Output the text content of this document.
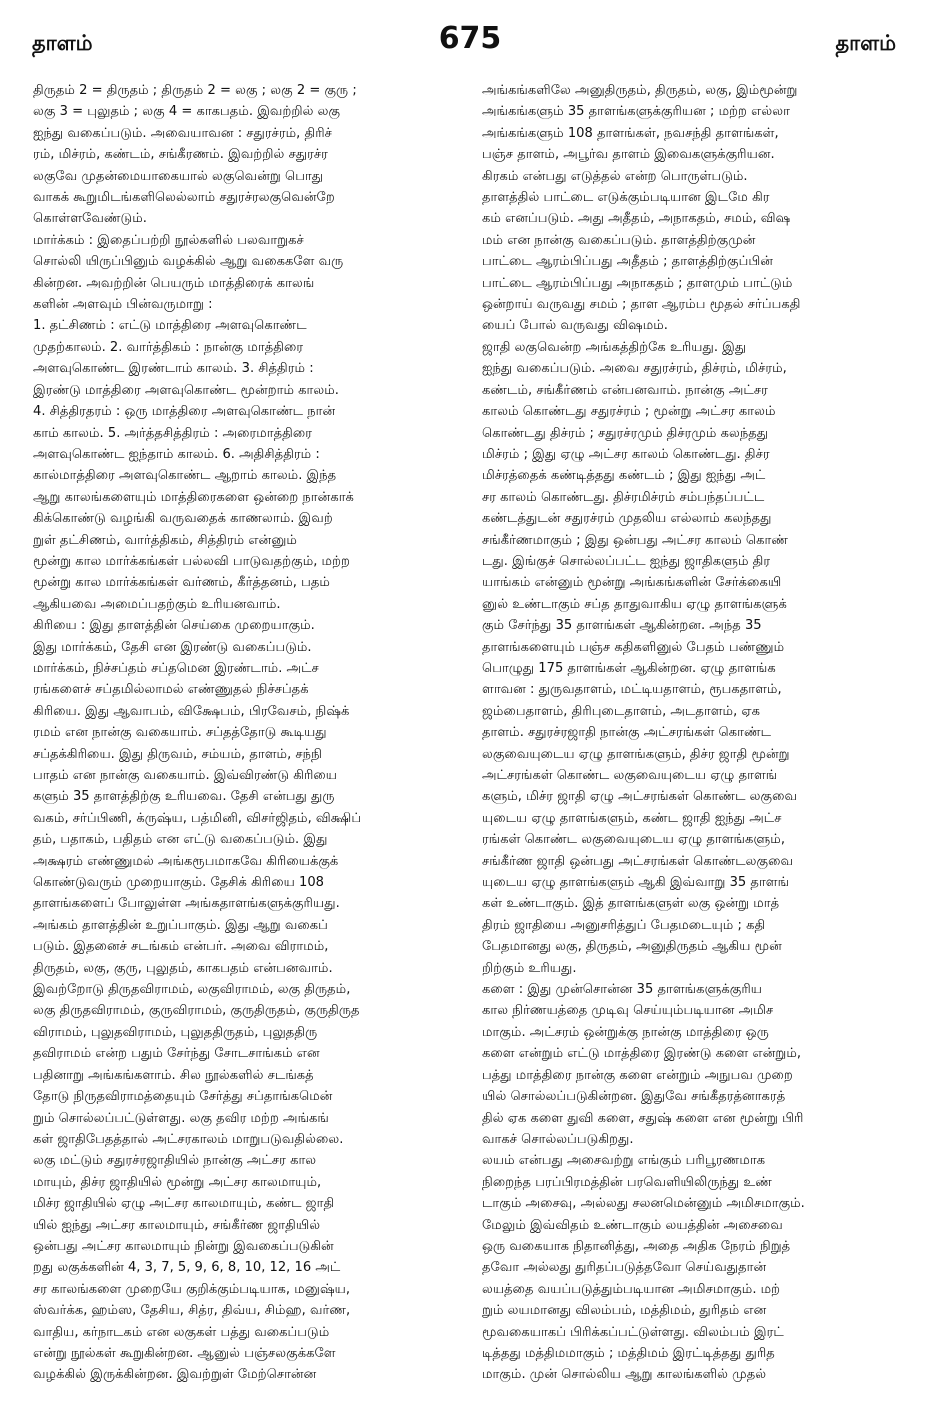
தாளம்	675	தாளம்
திருதம் 2 = திருதம் ; திருதம் 2 = லகு ; லகு 2 = குரு ;
லகு 3 = புலுதம் ; லகு 4 = காகபதம். இவற்றில் லகு
ஐந்து வகைப்படும். அவையாவன : சதுரச்ரம், திரிச்
ரம், மிச்ரம், கண்டம், சங்கீரணம். இவற்றில் சதுரச்ர
லகுவே முதன்மையாகையால் லகுவென்று பொது
வாகக் கூறுமிடங்களிலெல்லாம் சதுரச்ரலகுவென்றே
கொள்ளவேண்டும்.
மார்க்கம் : இதைப்பற்றி நூல்களில் பலவாறுகச்
சொல்லி யிருப்பினும் வழக்கில் ஆறு வகைகளே வரு
கின்றன. அவற்றின் பெயரும் மாத்திரைக் காலங்
களின் அளவும் பின்வருமாறு :
1. தட்சிணம் : எட்டு மாத்திரை அளவுகொண்ட
முதற்காலம். 2. வார்த்திகம் : நான்கு மாத்திரை
அளவுகொண்ட இரண்டாம் காலம். 3. சித்திரம் :
இரண்டு மாத்திரை அளவுகொண்ட மூன்றாம் காலம்.
4. சித்திரதரம் : ஒரு மாத்திரை அளவுகொண்ட நான்
காம் காலம். 5. அர்த்தசித்திரம் : அரைமாத்திரை
அளவுகொண்ட ஐந்தாம் காலம். 6. அதிசித்திரம் :
கால்மாத்திரை அளவுகொண்ட ஆறாம் காலம். இந்த
ஆறு காலங்களையும் மாத்திரைகளை ஒன்றை நான்காக்
கிக்கொண்டு வழங்கி வருவதைக் காணலாம். இவற்
றுள் தட்சிணம், வார்த்திகம், சித்திரம் என்னும்
மூன்று கால மார்க்கங்கள் பல்லவி பாடுவதற்கும், மற்ற
மூன்று கால மார்க்கங்கள் வர்ணம், கீர்த்தனம், பதம்
ஆகியவை அமைப்பதற்கும் உரியனவாம்.
கிரியை : இது தாளத்தின் செய்கை முறையாகும்.
இது மார்க்கம், தேசி என இரண்டு வகைப்படும்.
மார்க்கம், நிச்சப்தம் சப்தமென இரண்டாம். அட்ச
ரங்களைச் சப்தமில்லாமல் எண்ணுதல் நிச்சப்தக்
கிரியை. இது ஆவாபம், விக்ஷேபம், பிரவேசம், நிஷ்க்
ரமம் என நான்கு வகையாம். சப்தத்தோடு கூடியது
சப்தக்கிரியை. இது திருவம், சம்யம், தாளம், சந்நி
பாதம் என நான்கு வகையாம். இவ்விரண்டு கிரியை
களும் 35 தாளத்திற்கு உரியவை. தேசி என்பது துரு
வகம், சர்ப்பிணி, க்ருஷ்ய, பத்மினி, விசர்ஜிதம், விக்ஷிப்
தம், பதாகம், பதிதம் என எட்டு வகைப்படும். இது
அக்ஷரம் எண்ணுமல் அங்கரூபமாகவே கிரியைக்குக்
கொண்டுவரும் முறையாகும். தேசிக் கிரியை 108
தாளங்களைப் போலுள்ள அங்கதாளங்களுக்குரியது.
அங்கம் தாளத்தின் உறுப்பாகும். இது ஆறு வகைப்
படும். இதனைச் சடங்கம் என்பர். அவை விராமம்,
திருதம், லகு, குரு, புலுதம், காகபதம் என்பனவாம்.
இவற்றோடு திருதவிராமம், லகுவிராமம், லகு திருதம்,
லகு திருதவிராமம், குருவிராமம், குருதிருதம், குருதிருத
விராமம், புலுதவிராமம், புலுததிருதம், புலுததிரு
தவிராமம் என்ற பதும் சேர்ந்து சோடசாங்கம் என
பதினாறு அங்கங்களாம். சில நூல்களில் சடங்கத்
தோடு நிருதவிராமத்தையும் சேர்த்து சப்தாங்கமென்
றும் சொல்லப்பட்டுள்ளது. லகு தவிர மற்ற அங்கங்
கள் ஜாதிபேதத்தால் அட்சரகாலம் மாறுபடுவதில்லை.
லகு மட்டும் சதுரச்ரஜாதியில் நான்கு அட்சர கால
மாயும், திச்ர ஜாதியில் மூன்று அட்சர காலமாயும்,
மிச்ர ஜாதியில் ஏழு அட்சர காலமாயும், கண்ட ஜாதி
யில் ஐந்து அட்சர காலமாயும், சங்கீர்ண ஜாதியில்
ஒன்பது அட்சர காலமாயும் நின்று இவகைப்படுகின்
றது லகுக்களின் 4, 3, 7, 5, 9, 6, 8, 10, 12, 16 அட்
சர காலங்களை முறையே குறிக்கும்படியாக, மனுஷ்ய,
ஸ்வர்க்க, ஹம்ஸ, தேசிய, சித்ர, திவ்ய, சிம்ஹ, வர்ண,
வாதிய, கர்நாடகம் என லகுகள் பத்து வகைப்படும்
என்று நூல்கள் கூறுகின்றன. ஆனுல் பஞ்சலகுக்களே
வழக்கில் இருக்கின்றன. இவற்றுள் மேற்சொன்ன
அங்கங்களிலே அனுதிருதம், திருதம், லகு, இம்மூன்று
அங்கங்களும் 35 தாளங்களுக்குரியன ; மற்ற எல்லா
அங்கங்களும் 108 தாளங்கள், நவசந்தி தாளங்கள்,
பஞ்ச தாளம், அபூர்வ தாளம் இவைகளுக்குரியன.
கிரகம் என்பது எடுத்தல் என்ற பொருள்படும்.
தாளத்தில் பாட்டை எடுக்கும்படியான இடமே கிர
கம் எனப்படும். அது அதீதம், அநாகதம், சமம், விஷ
மம் என நான்கு வகைப்படும். தாளத்திற்குமுன்
பாட்டை ஆரம்பிப்பது அதீதம் ; தாளத்திற்குப்பின்
பாட்டை ஆரம்பிப்பது அநாகதம் ; தாளமும் பாட்டும்
ஒன்றாய் வருவது சமம் ; தாள ஆரம்ப மூதல் சர்ப்பகதி
யைப் போல் வருவது விஷமம்.
ஜாதி லகுவென்ற அங்கத்திற்கே உரியது. இது
ஐந்து வகைப்படும். அவை சதுரச்ரம், திச்ரம், மிச்ரம்,
கண்டம், சங்கீர்ணம் என்பனவாம். நான்கு அட்சர
காலம் கொண்டது சதுரச்ரம் ; மூன்று அட்சர காலம்
கொண்டது திச்ரம் ; சதுரச்ரமும் திச்ரமும் கலந்தது
மிச்ரம் ; இது ஏழு அட்சர காலம் கொண்டது. திச்ர
மிச்ரத்தைக் கண்டித்தது கண்டம் ; இது ஐந்து அட்
சர காலம் கொண்டது. திச்ரமிச்ரம் சம்பந்தப்பட்ட
கண்டத்துடன் சதுரச்ரம் முதலிய எல்லாம் கலந்தது
சங்கீர்ணமாகும் ; இது ஒன்பது அட்சர காலம் கொண்
டது. இங்குச் சொல்லப்பட்ட ஐந்து ஜாதிகளும் திர
யாங்கம் என்னும் மூன்று அங்கங்களின் சேர்க்கையி
னுல் உண்டாகும் சப்த தாதுவாகிய ஏழு தாளங்களுக்
கும் சேர்ந்து 35 தாளங்கள் ஆகின்றன. அந்த 35
தாளங்களையும் பஞ்ச கதிகளினுல் பேதம் பண்ணும்
பொழுது 175 தாளங்கள் ஆகின்றன. ஏழு தாளங்க
ளாவன : துருவதாளம், மட்டியதாளம், ரூபகதாளம்,
ஜம்பைதாளம், திரிபுடைதாளம், அடதாளம், ஏக
தாளம். சதுரச்ரஜாதி நான்கு அட்சரங்கள் கொண்ட
லகுவையுடைய ஏழு தாளங்களும், திச்ர ஜாதி மூன்று
அட்சரங்கள் கொண்ட லகுவையுடைய ஏழு தாளங்
களும், மிச்ர ஜாதி ஏழு அட்சரங்கள் கொண்ட லகுவை
யுடைய ஏழு தாளங்களும், கண்ட ஜாதி ஐந்து அட்ச
ரங்கள் கொண்ட லகுவையுடைய ஏழு தாளங்களும்,
சங்கீர்ண ஜாதி ஒன்பது அட்சரங்கள் கொண்டலகுவை
யுடைய ஏழு தாளங்களும் ஆகி இவ்வாறு 35 தாளங்
கள் உண்டாகும். இத் தாளங்களுள் லகு ஒன்று மாத்
திரம் ஜாதியை அனுசரித்துப் பேதமடையும் ; கதி
பேதமானது லகு, திருதம், அனுதிருதம் ஆகிய மூன்
றிற்கும் உரியது.
களை : இது முன்சொன்ன 35 தாளங்களுக்குரிய
கால நிர்ணயத்தை முடிவு செய்யும்படியான அமிச
மாகும். அட்சரம் ஒன்றுக்கு நான்கு மாத்திரை ஒரு
களை என்றும் எட்டு மாத்திரை இரண்டு களை என்றும்,
பத்து மாத்திரை நான்கு களை என்றும் அநுபவ முறை
யில் சொல்லப்படுகின்றன. இதுவே சங்கீதரத்னாகரத்
தில் ஏக களை துவி களை, சதுஷ் களை என மூன்று பிரி
வாகச் சொல்லப்படுகிறது.
லயம் என்பது அசைவற்று எங்கும் பரிபூரணமாக
நிறைந்த பரப்பிரமத்தின் பரவெளியிலிருந்து உண்
டாகும் அசைவு, அல்லது சலனமென்னும் அமிசமாகும்.
மேலும் இவ்விதம் உண்டாகும் லயத்தின் அசைவை
ஒரு வகையாக நிதானித்து, அதை அதிக நேரம் நிறுத்
தவோ அல்லது துரிதப்படுத்தவோ செய்வதுதான்
லயத்தை வயப்படுத்தும்படியான அமிசமாகும். மற்
றும் லயமானது விலம்பம், மத்திமம், துரிதம் என
மூவகையாகப் பிரிக்கப்பட்டுள்ளது. விலம்பம் இரட்
டித்தது மத்திமமாகும் ; மத்திமம் இரட்டித்தது துரித
மாகும். முன் சொல்லிய ஆறு காலங்களில் முதல்
